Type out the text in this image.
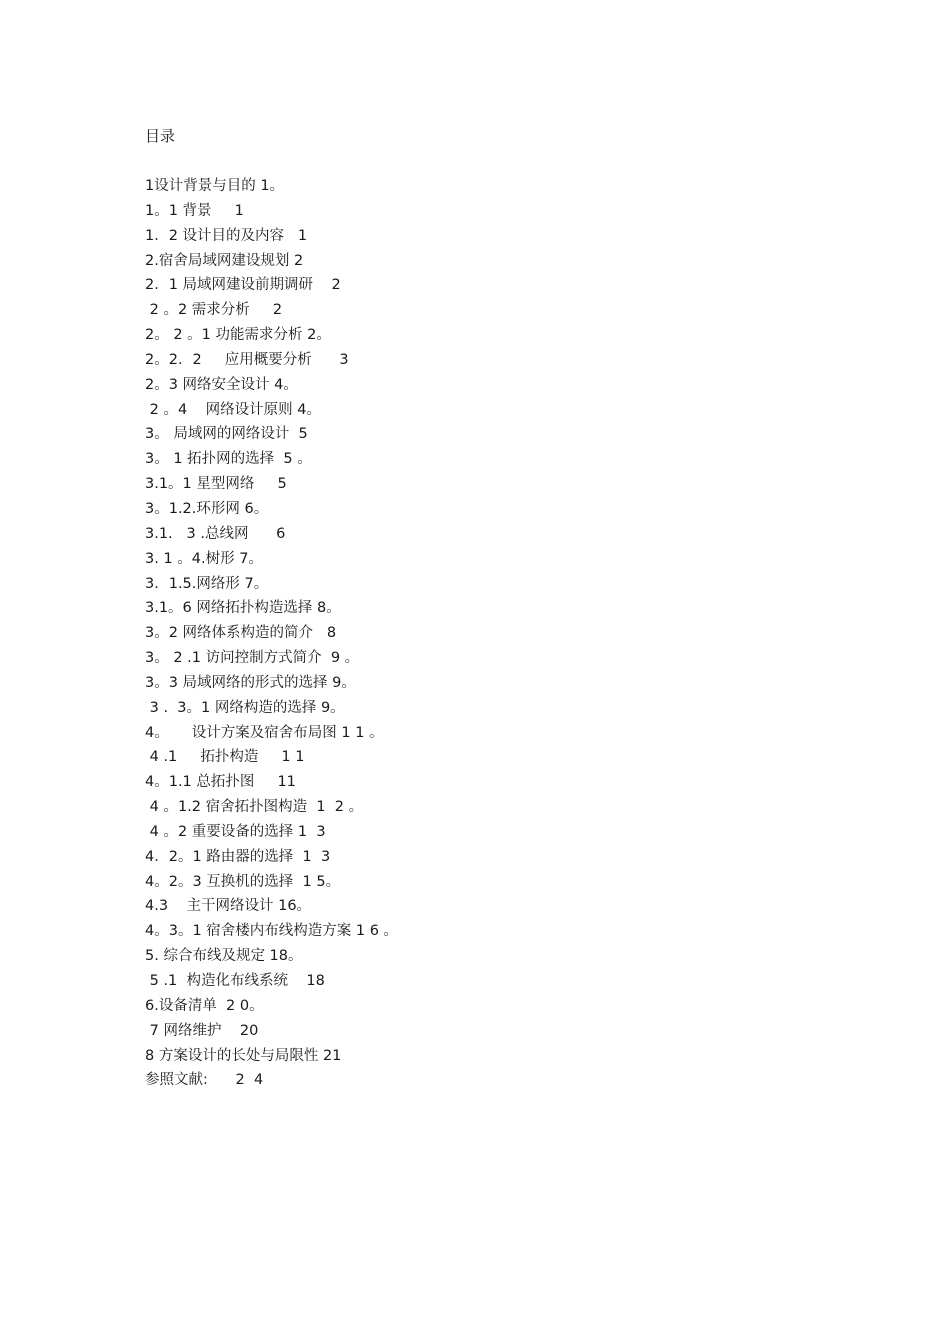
目录
1设计背景与目的 1。
1。1 背景     1
1．2 设计目的及内容   1
2.宿舍局域网建设规划 2
2．1 局域网建设前期调研    2
2 。2 需求分析     2
2。 2 。1 功能需求分析 2。
2。2．2     应用概要分析      3
2。3 网络安全设计 4。
2 。4    网络设计原则 4。
3。 局域网的网络设计  5
3。 1 拓扑网的选择  5 。
3.1。1 星型网络     5
3。1.2.环形网 6。
3.1.   3 .总线网      6
3. 1 。4.树形 7。
3．1.5.网络形 7。
3.1。6 网络拓扑构造选择 8。
3。2 网络体系构造的简介   8
3。 2 .1 访问控制方式简介  9 。
3。3 局域网络的形式的选择 9。
3 .  3。1 网络构造的选择 9。
4。     设计方案及宿舍布局图 1 1 。
4 .1     拓扑构造     1 1
4。1.1 总拓扑图     11
4 。1.2 宿舍拓扑图构造  1  2 。
4 。2 重要设备的选择 1  3
4．2。1 路由器的选择  1  3
4。2。3 互换机的选择  1 5。
4.3    主干网络设计 16。
4。3。1 宿舍楼内布线构造方案 1 6 。
5. 综合布线及规定 18。
5 .1  构造化布线系统    18
6.设备清单  2 0。
7 网络维护    20
8 方案设计的长处与局限性 21
参照文献:      2  4
